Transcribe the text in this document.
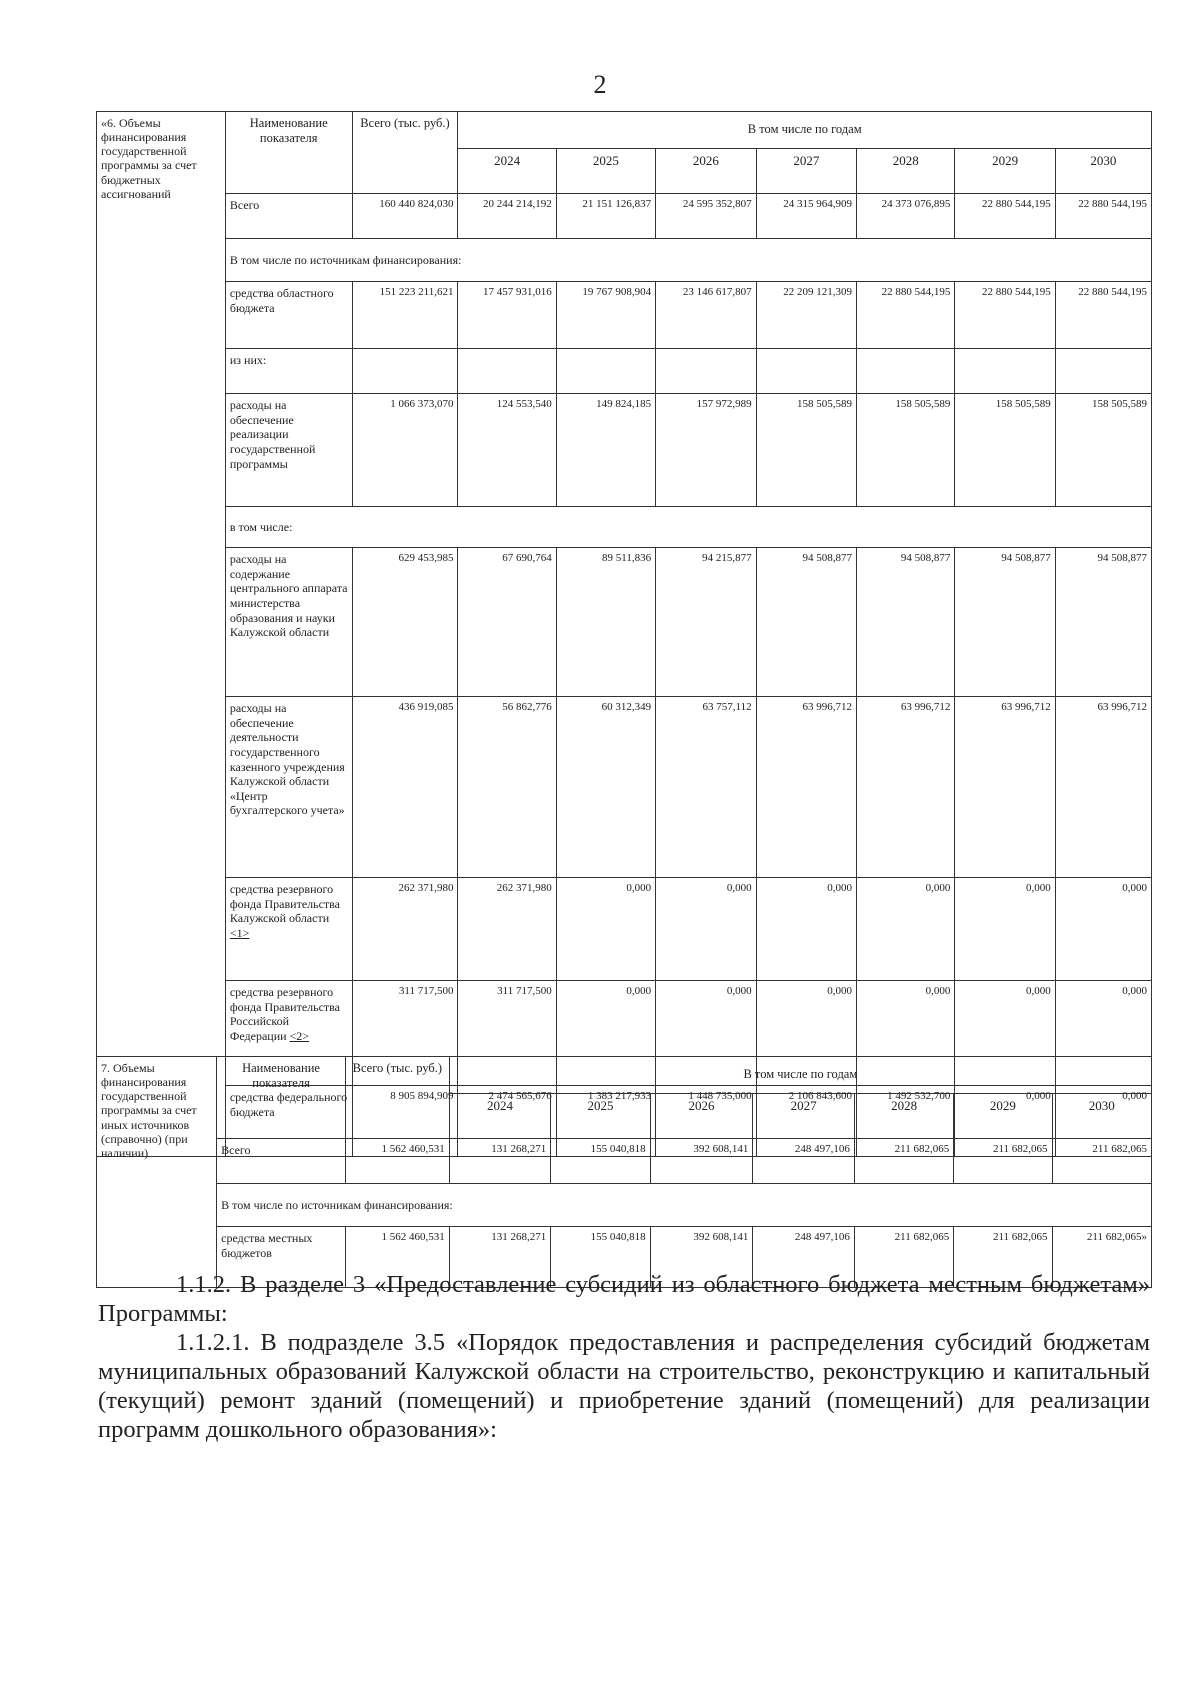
2
«6. Объемы финансирования государственной программы за счет бюджетных ассигнований	Наименование показателя	Всего (тыс. руб.)	В том числе по годам						
			2024	2025	2026	2027	2028	2029	2030
	Всего	160 440 824,030	20 244 214,192	21 151 126,837	24 595 352,807	24 315 964,909	24 373 076,895	22 880 544,195	22 880 544,195
	В том числе по источникам финансирования:								
	средства областного бюджета	151 223 211,621	17 457 931,016	19 767 908,904	23 146 617,807	22 209 121,309	22 880 544,195	22 880 544,195	22 880 544,195
	из них:								
	расходы на обеспечение реализации государственной программы	1 066 373,070	124 553,540	149 824,185	157 972,989	158 505,589	158 505,589	158 505,589	158 505,589
	в том числе:								
	расходы на содержание центрального аппарата министерства образования и науки Калужской области	629 453,985	67 690,764	89 511,836	94 215,877	94 508,877	94 508,877	94 508,877	94 508,877
	расходы на обеспечение деятельности государственного казенного учреждения Калужской области «Центр бухгалтерского учета»	436 919,085	56 862,776	60 312,349	63 757,112	63 996,712	63 996,712	63 996,712	63 996,712
	средства резервного фонда Правительства Калужской области <1>	262 371,980	262 371,980	0,000	0,000	0,000	0,000	0,000	0,000
	средства резервного фонда Правительства Российской Федерации <2>	311 717,500	311 717,500	0,000	0,000	0,000	0,000	0,000	0,000
	средства федерального бюджета	8 905 894,909	2 474 565,676	1 383 217,933	1 448 735,000	2 106 843,600	1 492 532,700	0,000	0,000
7. Объемы финансирования государственной программы за счет иных источников (справочно) (при наличии)	Наименование показателя	Всего (тыс. руб.)	В том числе по годам						
			2024	2025	2026	2027	2028	2029	2030
	Всего	1 562 460,531	131 268,271	155 040,818	392 608,141	248 497,106	211 682,065	211 682,065	211 682,065
	В том числе по источникам финансирования:								
	средства местных бюджетов	1 562 460,531	131 268,271	155 040,818	392 608,141	248 497,106	211 682,065	211 682,065	211 682,065»

1.1.2. В разделе 3 «Предоставление субсидий из областного бюджета местным бюджетам» Программы:

1.1.2.1. В подразделе 3.5 «Порядок предоставления и распределения субсидий бюджетам муниципальных образований Калужской области на строительство, реконструкцию и капитальный (текущий) ремонт зданий (помещений) и приобретение зданий (помещений) для реализации программ дошкольного образования»:
